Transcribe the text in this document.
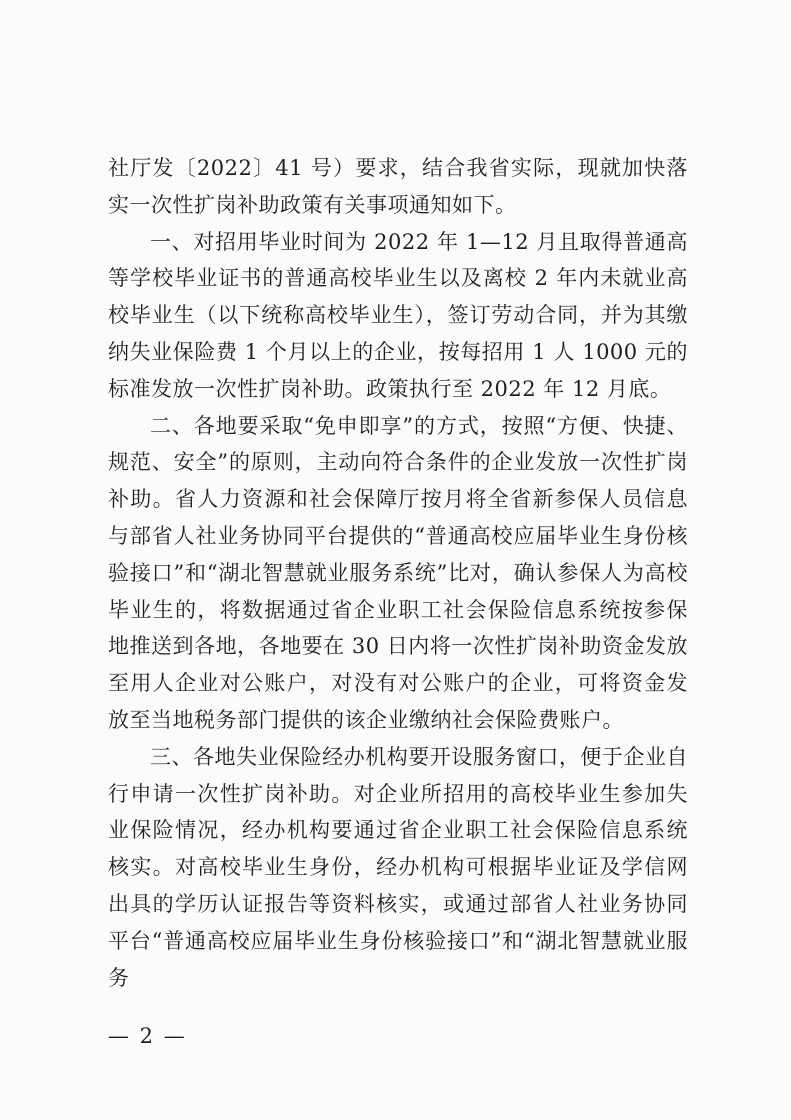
社厅发〔2022〕41 号）要求，结合我省实际，现就加快落实一次性扩岗补助政策有关事项通知如下。

一、对招用毕业时间为 2022 年 1—12 月且取得普通高等学校毕业证书的普通高校毕业生以及离校 2 年内未就业高校毕业生（以下统称高校毕业生），签订劳动合同，并为其缴纳失业保险费 1 个月以上的企业，按每招用 1 人 1000 元的标准发放一次性扩岗补助。政策执行至 2022 年 12 月底。

二、各地要采取“免申即享”的方式，按照“方便、快捷、规范、安全”的原则，主动向符合条件的企业发放一次性扩岗补助。省人力资源和社会保障厅按月将全省新参保人员信息与部省人社业务协同平台提供的“普通高校应届毕业生身份核验接口”和“湖北智慧就业服务系统”比对，确认参保人为高校毕业生的，将数据通过省企业职工社会保险信息系统按参保地推送到各地，各地要在 30 日内将一次性扩岗补助资金发放至用人企业对公账户，对没有对公账户的企业，可将资金发放至当地税务部门提供的该企业缴纳社会保险费账户。

三、各地失业保险经办机构要开设服务窗口，便于企业自行申请一次性扩岗补助。对企业所招用的高校毕业生参加失业保险情况，经办机构要通过省企业职工社会保险信息系统核实。对高校毕业生身份，经办机构可根据毕业证及学信网出具的学历认证报告等资料核实，或通过部省人社业务协同平台“普通高校应届毕业生身份核验接口”和“湖北智慧就业服务

— 2 —
